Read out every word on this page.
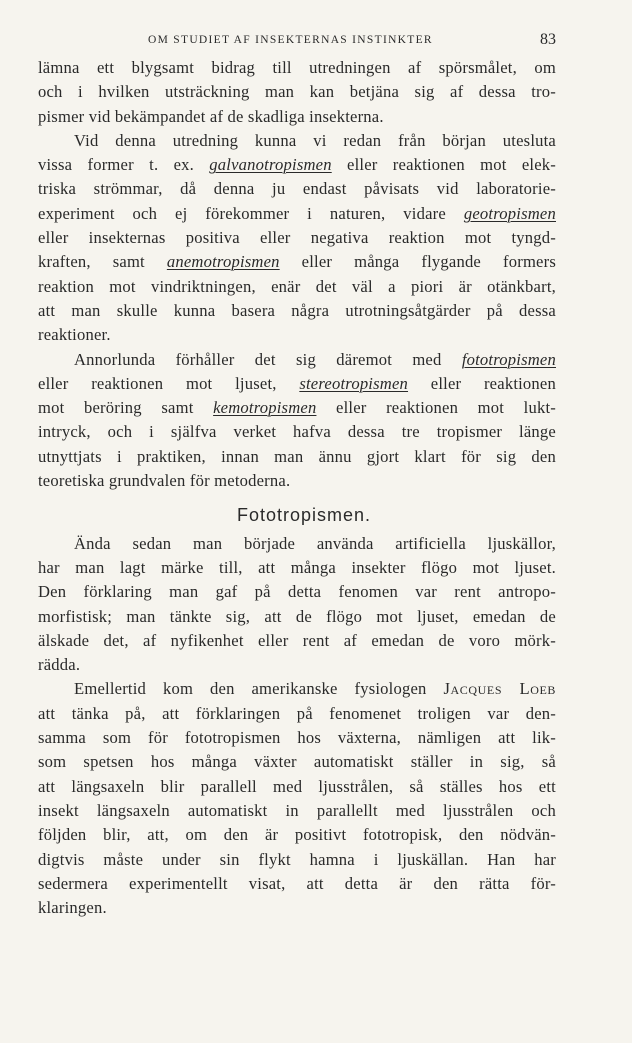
OM STUDIET AF INSEKTERNAS INSTINKTER	83

lämna ett blygsamt bidrag till utredningen af spörsmålet, om
och i hvilken utsträckning man kan betjäna sig af dessa tro-
pismer vid bekämpandet af de skadliga insekterna.

Vid denna utredning kunna vi redan från början utesluta
vissa former t. ex. galvanotropismen eller reaktionen mot elek-
triska strömmar, då denna ju endast påvisats vid laboratorie-
experiment och ej förekommer i naturen, vidare geotropismen
eller insekternas positiva eller negativa reaktion mot tyngd-
kraften, samt anemotropismen eller många flygande formers
reaktion mot vindriktningen, enär det väl a piori är otänkbart,
att man skulle kunna basera några utrotningsåtgärder på dessa
reaktioner.

Annorlunda förhåller det sig däremot med fototropismen
eller reaktionen mot ljuset, stereotropismen eller reaktionen
mot beröring samt kemotropismen eller reaktionen mot lukt-
intryck, och i själfva verket hafva dessa tre tropismer länge
utnyttjats i praktiken, innan man ännu gjort klart för sig den
teoretiska grundvalen för metoderna.

Fototropismen.

Ända sedan man började använda artificiella ljuskällor,
har man lagt märke till, att många insekter flögo mot ljuset.
Den förklaring man gaf på detta fenomen var rent antropo-
morfistisk; man tänkte sig, att de flögo mot ljuset, emedan de
älskade det, af nyfikenhet eller rent af emedan de voro mörk-
rädda.

Emellertid kom den amerikanske fysiologen Jacques Loeb
att tänka på, att förklaringen på fenomenet troligen var den-
samma som för fototropismen hos växterna, nämligen att lik-
som spetsen hos många växter automatiskt ställer in sig, så
att längsaxeln blir parallell med ljusstrålen, så ställes hos ett
insekt längsaxeln automatiskt in parallellt med ljusstrålen och
följden blir, att, om den är positivt fototropisk, den nödvän-
digtvis måste under sin flykt hamna i ljuskällan. Han har
sedermera experimentellt visat, att detta är den rätta för-
klaringen.
